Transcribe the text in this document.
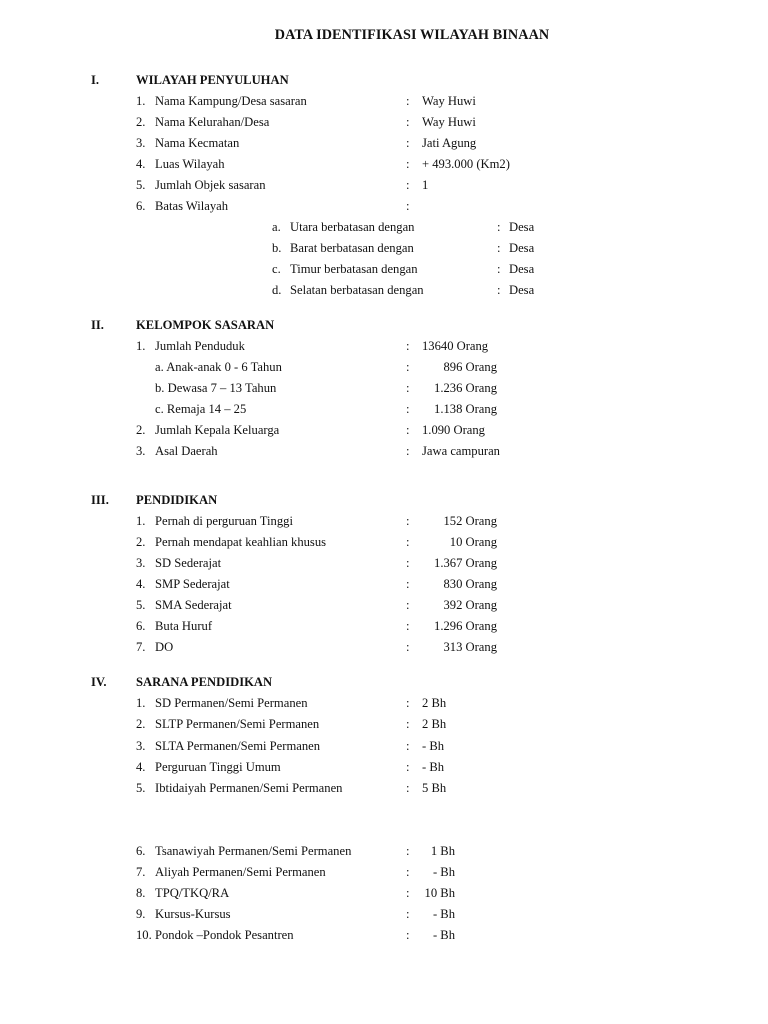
DATA IDENTIFIKASI WILAYAH BINAAN
I.	WILAYAH PENYULUHAN
1. Nama Kampung/Desa sasaran	: Way Huwi
2. Nama Kelurahan/Desa	: Way Huwi
3. Nama Kecmatan	: Jati Agung
4. Luas Wilayah	: + 493.000 (Km2)
5. Jumlah Objek sasaran	: 1
6. Batas Wilayah	:
a. Utara berbatasan dengan	: Desa
b. Barat berbatasan dengan	: Desa
c. Timur berbatasan dengan	: Desa
d. Selatan berbatasan dengan	: Desa
II.	KELOMPOK SASARAN
1. Jumlah Penduduk	: 13640 Orang
a. Anak-anak 0 - 6 Tahun	:	896 Orang
b. Dewasa 7 – 13 Tahun	:	1.236 Orang
c. Remaja 14 – 25	:	1.138 Orang
2. Jumlah Kepala Keluarga	: 1.090 Orang
3. Asal Daerah	: Jawa campuran
III. PENDIDIKAN
1. Pernah di perguruan Tinggi	:	152 Orang
2. Pernah mendapat keahlian khusus	:	10 Orang
3. SD Sederajat	:	1.367 Orang
4. SMP Sederajat	:	830 Orang
5. SMA Sederajat	:	392 Orang
6. Buta Huruf	:	1.296 Orang
7. DO	:	313 Orang
IV. SARANA PENDIDIKAN
1. SD Permanen/Semi Permanen	: 2 Bh
2. SLTP Permanen/Semi Permanen	: 2 Bh
3. SLTA Permanen/Semi Permanen	: - Bh
4. Perguruan Tinggi Umum	: - Bh
5. Ibtidaiyah Permanen/Semi Permanen	: 5 Bh
6. Tsanawiyah Permanen/Semi Permanen	:	1 Bh
7. Aliyah Permanen/Semi Permanen	:	- Bh
8. TPQ/TKQ/RA	:	10 Bh
9. Kursus-Kursus	:	- Bh
10. Pondok –Pondok Pesantren	:	- Bh
